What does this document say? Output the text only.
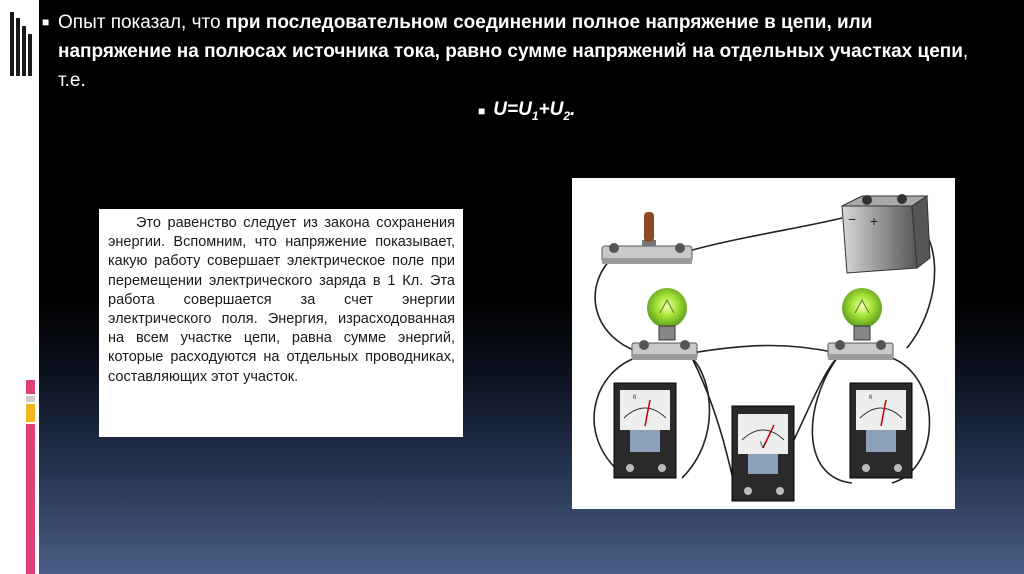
■ Опыт показал, что при последовательном соединении полное напряжение в цепи, или напряжение на полюсах источника тока, равно сумме напряжений на отдельных участках цепи, т.е.
■ $U=U_1+U_2$.

Это равенство следует из закона сохранения энергии. Вспомним, что напряжение показывает, какую работу совершает электрическое поле при перемещении электрического заряда в 1 Кл. Эта работа совершается за счет энергии электрического поля. Энергия, израсходованная на всем участке цепи, равна сумме энергий, которые расходуются на отдельных проводниках, составляющих этот участок.

− +
6
V
6
